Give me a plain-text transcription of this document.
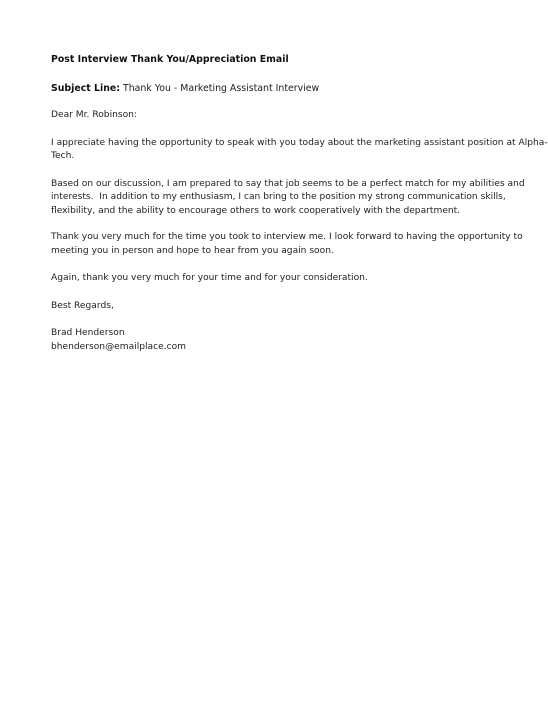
Post Interview Thank You/Appreciation Email
Subject Line: Thank You - Marketing Assistant Interview

Dear Mr. Robinson:

I appreciate having the opportunity to speak with you today about the marketing assistant position at Alpha-
Tech.

Based on our discussion, I am prepared to say that job seems to be a perfect match for my abilities and
interests.  In addition to my enthusiasm, I can bring to the position my strong communication skills,
flexibility, and the ability to encourage others to work cooperatively with the department.

Thank you very much for the time you took to interview me. I look forward to having the opportunity to
meeting you in person and hope to hear from you again soon.

Again, thank you very much for your time and for your consideration.

Best Regards,

Brad Henderson
bhenderson@emailplace.com
